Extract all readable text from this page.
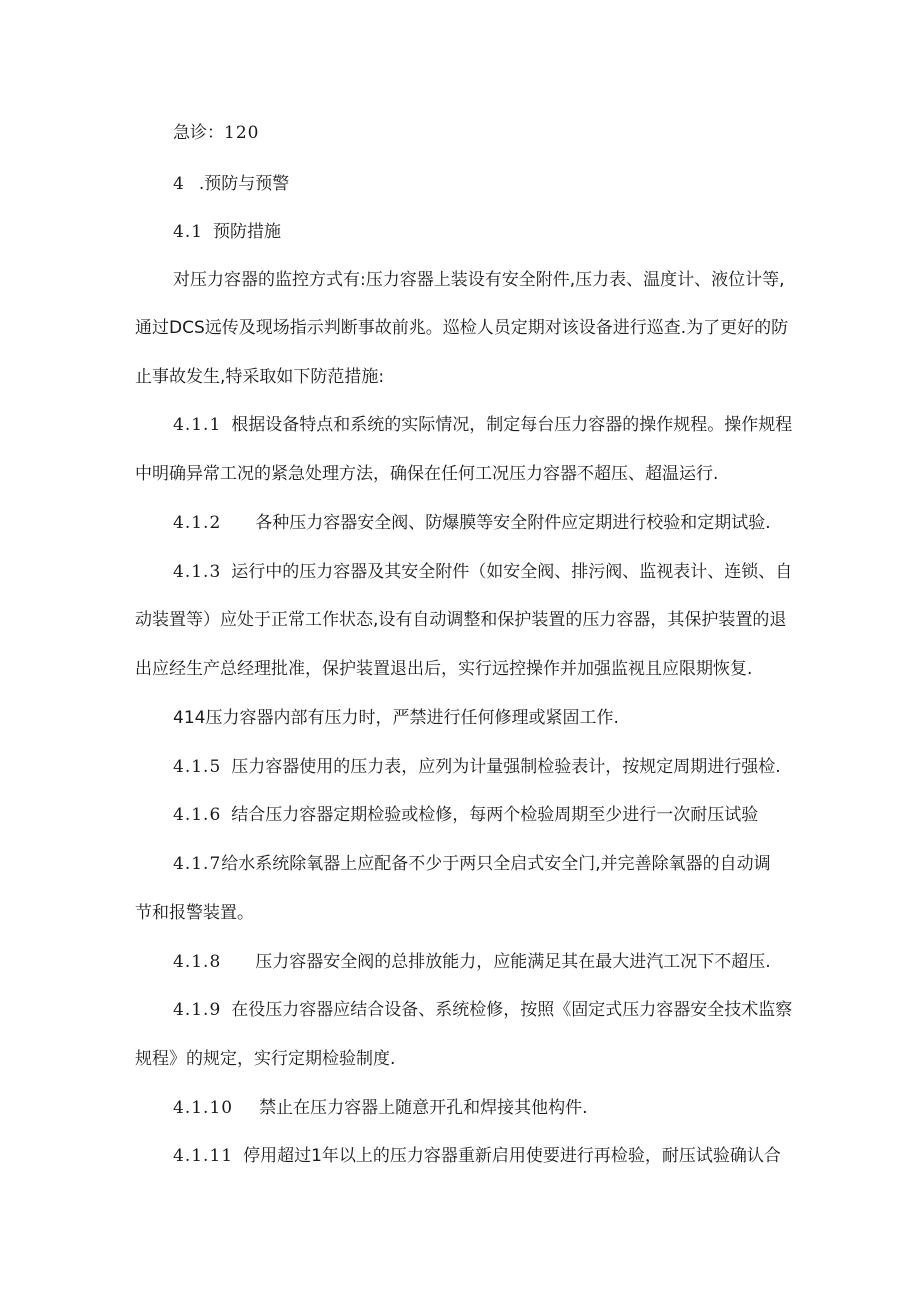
急诊：120
4 .预防与预警
4.1 预防措施
对压力容器的监控方式有:压力容器上装设有安全附件,压力表、温度计、液位计等,
通过DCS远传及现场指示判断事故前兆。巡检人员定期对该设备进行巡查.为了更好的防
止事故发生,特采取如下防范措施:
4.1.1 根据设备特点和系统的实际情况，制定每台压力容器的操作规程。操作规程
中明确异常工况的紧急处理方法，确保在任何工况压力容器不超压、超温运行.
4.1.2 各种压力容器安全阀、防爆膜等安全附件应定期进行校验和定期试验.
4.1.3 运行中的压力容器及其安全附件（如安全阀、排污阀、监视表计、连锁、自
动装置等）应处于正常工作状态,设有自动调整和保护装置的压力容器，其保护装置的退
出应经生产总经理批准，保护装置退出后，实行远控操作并加强监视且应限期恢复.
414压力容器内部有压力时，严禁进行任何修理或紧固工作.
4.1.5 压力容器使用的压力表，应列为计量强制检验表计，按规定周期进行强检.
4.1.6 结合压力容器定期检验或检修，每两个检验周期至少进行一次耐压试验
4.1.7给水系统除氧器上应配备不少于两只全启式安全门,并完善除氧器的自动调
节和报警装置。
4.1.8 压力容器安全阀的总排放能力，应能满足其在最大进汽工况下不超压.
4.1.9 在役压力容器应结合设备、系统检修，按照《固定式压力容器安全技术监察
规程》的规定，实行定期检验制度.
4.1.10 禁止在压力容器上随意开孔和焊接其他构件.
4.1.11 停用超过1年以上的压力容器重新启用使要进行再检验，耐压试验确认合
